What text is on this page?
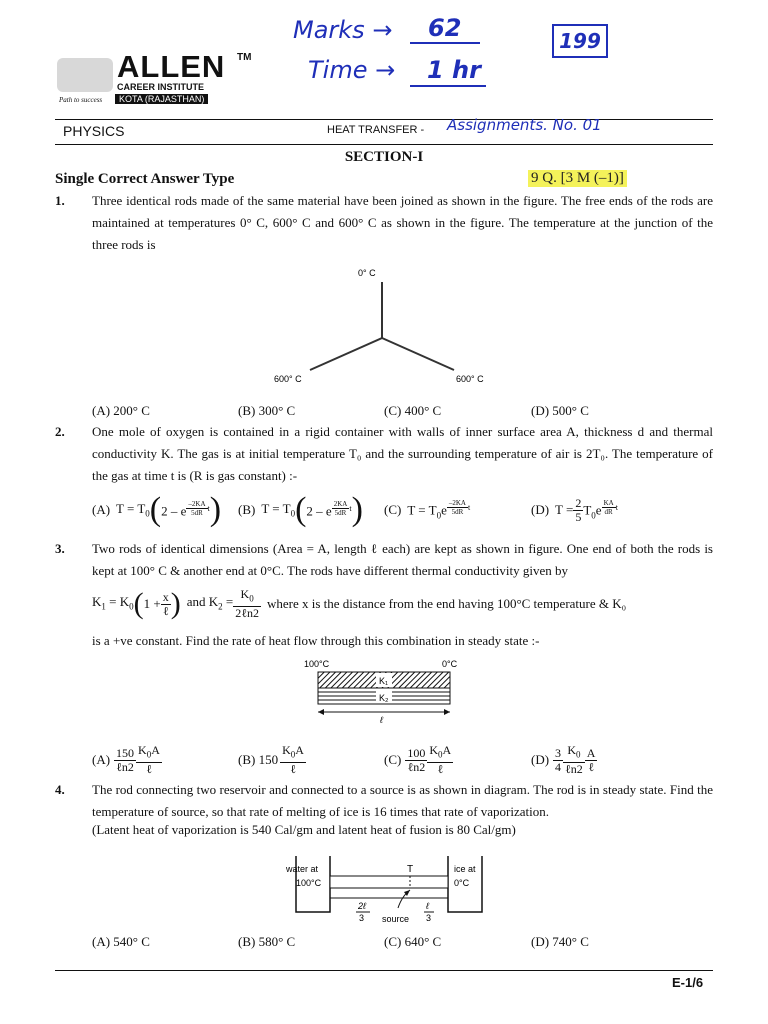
Marks → 62
Time → 1 hr
199
ALLEN TM
CAREER INSTITUTE
KOTA (RAJASTHAN)
Path to success
PHYSICS	HEAT TRANSFER - Assignments. No. 01
SECTION-I
Single Correct Answer Type	9 Q. [3 M (–1)]
1. Three identical rods made of the same material have been joined as shown in the figure. The free ends of the rods are maintained at temperatures 0° C, 600° C and 600° C as shown in the figure. The temperature at the junction of the three rods is
0° C
600° C	600° C
(A) 200° C	(B) 300° C	(C) 400° C	(D) 500° C
2. One mole of oxygen is contained in a rigid container with walls of inner surface area A, thickness d and thermal conductivity K. The gas is at initial temperature T₀ and the surrounding temperature of air is 2T₀. The temperature of the gas at time t is (R is gas constant) :-
(A) $T = T_0$ ( 2 – e $^{\frac{-2KA}{5dR} t}$ ) (B) $T = T_0$ ( 2 – e $^{\frac{2KA}{5dR} t}$ ) (C) $T = T_0e$ $^{\frac{-2KA}{5dR} t}$	(D) $T = \frac{2}{5} T_0e$ $^{\frac{KA}{dR} t}$
3. Two rods of identical dimensions (Area = A, length ℓ each) are kept as shown in figure. One end of both the rods is kept at 100° C & another end at 0°C. The rods have different thermal conductivity given by
$K_1 = K_0$ ( $1 + \frac{x}{\text{ℓ}}$ ) and $K_2 = \frac{K_0}{\text{2ℓn2}}$ where x is the distance from the end having 100°C temperature & K₀
is a +ve constant. Find the rate of heat flow through this combination in steady state :-
100°C	0°C
K₁
K₂
ℓ
$(A) \frac{150}{\text{ℓn2}} \frac{K_0A}{\text{ℓ}}$	(B) $150 \frac{K_0A}{\text{ℓ}}$	$(C) \frac{100}{\text{ℓn2}} \frac{K_0A}{\text{ℓ}}$	$(D) \frac{3}{4} \frac{K_0}{\text{ℓn2}} \frac{A}{\text{ℓ}}$
4. The rod connecting two reservoir and connected to a source is as shown in diagram. The rod is in steady state. Find the temperature of source, so that rate of melting of ice is 16 times that rate of vaporization.
(Latent heat of vaporization is 540 Cal/gm and latent heat of fusion is 80 Cal/gm)
water at
100°C
ice at
0°C
T
2ℓ
3
ℓ
3
source
(A) 540° C	(B) 580° C	(C) 640° C	(D) 740° C
E-1/6
